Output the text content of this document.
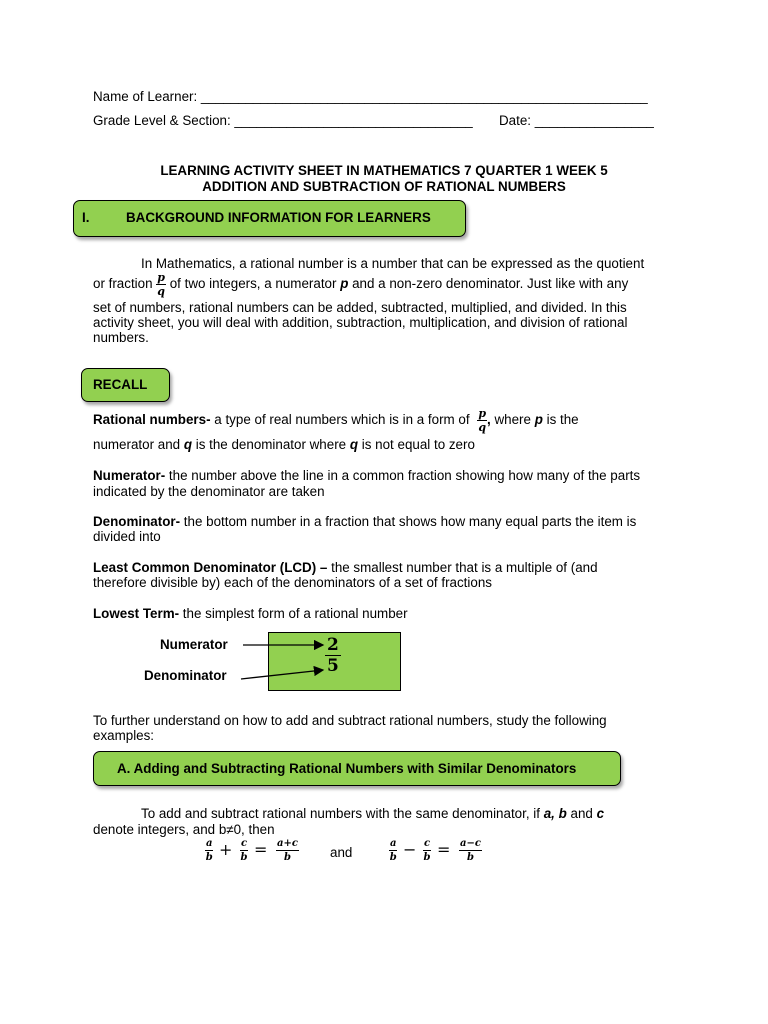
Name of Learner: ____________________________________________________________
Grade Level & Section: ________________________________ Date: ________________
LEARNING ACTIVITY SHEET IN MATHEMATICS 7 QUARTER 1 WEEK 5
ADDITION AND SUBTRACTION OF RATIONAL NUMBERS
I.	BACKGROUND INFORMATION FOR LEARNERS
In Mathematics, a rational number is a number that can be expressed as the quotient
or fraction $\frac{p}{q}$ of two integers, a numerator p and a non-zero denominator. Just like with any
set of numbers, rational numbers can be added, subtracted, multiplied, and divided. In this
activity sheet, you will deal with addition, subtraction, multiplication, and division of rational
numbers.
RECALL
Rational numbers- a type of real numbers which is in a form of $\frac{p}{q}$ , where p is the
numerator and q is the denominator where q is not equal to zero
Numerator- the number above the line in a common fraction showing how many of the parts
indicated by the denominator are taken
Denominator- the bottom number in a fraction that shows how many equal parts the item is
divided into
Least Common Denominator (LCD) – the smallest number that is a multiple of (and
therefore divisible by) each of the denominators of a set of fractions
Lowest Term- the simplest form of a rational number
Numerator
Denominator
$\frac{2}{5}$
To further understand on how to add and subtract rational numbers, study the following
examples:
A. Adding and Subtracting Rational Numbers with Similar Denominators
To add and subtract rational numbers with the same denominator, if a, b and c
denote integers, and b≠0, then
$\frac{a}{b} + \frac{c}{b} = \frac{a+c}{b}$ and	$\frac{a}{b} - \frac{c}{b} = \frac{a-c}{b}$
